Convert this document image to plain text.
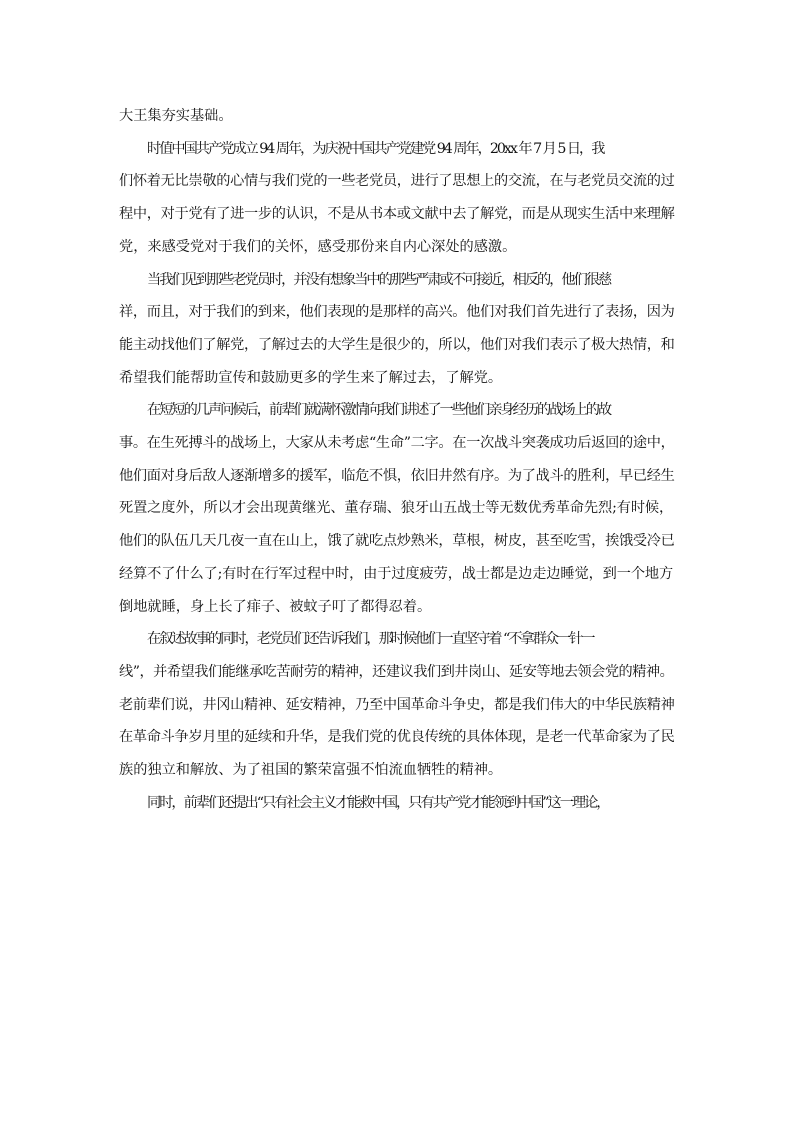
大王集夯实基础。

时值中国共产党成立 94 周年，为庆祝中国共产党建党 94 周年，20xx 年 7 月 5 日，我
们怀着无比崇敬的心情与我们党的一些老党员，进行了思想上的交流，在与老党员交流的过
程中，对于党有了进一步的认识，不是从书本或文献中去了解党，而是从现实生活中来理解
党，来感受党对于我们的关怀，感受那份来自内心深处的感激。

当我们见到那些老党员时，并没有想象当中的那些严肃或不可接近，相反的，他们很慈
祥，而且，对于我们的到来，他们表现的是那样的高兴。他们对我们首先进行了表扬，因为
能主动找他们了解党，了解过去的大学生是很少的，所以，他们对我们表示了极大热情，和
希望我们能帮助宣传和鼓励更多的学生来了解过去，了解党。

在短短的几声问候后，前辈们就满怀激情向我们讲述了一些他们亲身经历的战场上的故
事。在生死搏斗的战场上，大家从未考虑“生命”二字。在一次战斗突袭成功后返回的途中，
他们面对身后敌人逐渐增多的援军，临危不惧，依旧井然有序。为了战斗的胜利，早已经生
死置之度外，所以才会出现黄继光、董存瑞、狼牙山五战士等无数优秀革命先烈;有时候，
他们的队伍几天几夜一直在山上，饿了就吃点炒熟米，草根，树皮，甚至吃雪，挨饿受冷已
经算不了什么了;有时在行军过程中时，由于过度疲劳，战士都是边走边睡觉，到一个地方
倒地就睡，身上长了痱子、被蚊子叮了都得忍着。

在叙述故事的同时，老党员们还告诉我们，那时候他们一直坚守着 “不拿群众一针一
线”，并希望我们能继承吃苦耐劳的精神，还建议我们到井岗山、延安等地去领会党的精神。
老前辈们说，井冈山精神、延安精神，乃至中国革命斗争史，都是我们伟大的中华民族精神
在革命斗争岁月里的延续和升华，是我们党的优良传统的具体体现，是老一代革命家为了民
族的独立和解放、为了祖国的繁荣富强不怕流血牺牲的精神。

同时，前辈们还提出“只有社会主义才能救中国，只有共产党才能领到中国”这一理论，
